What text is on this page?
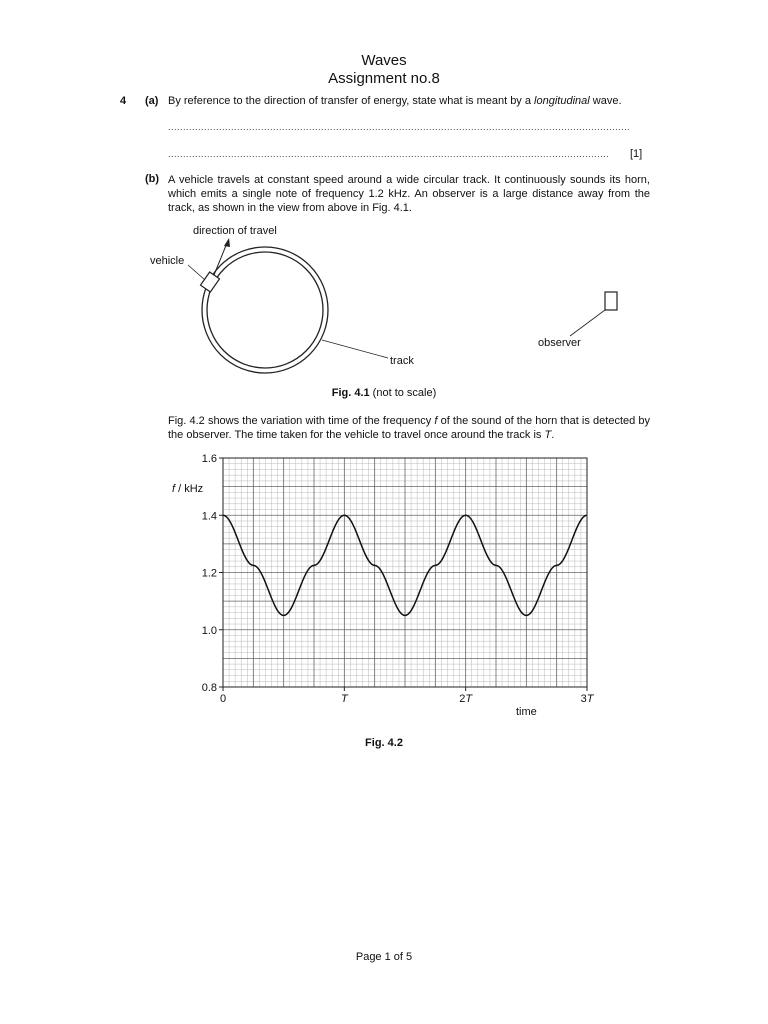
Waves
Assignment no.8
4 (a) By reference to the direction of transfer of energy, state what is meant by a longitudinal wave.
..........................................................................................................................................................
...................................................................................................................................................	[1]
(b) A vehicle travels at constant speed around a wide circular track. It continuously sounds its horn, which emits a single note of frequency 1.2 kHz. An observer is a large distance away from the track, as shown in the view from above in Fig. 4.1.
direction of travel
vehicle
track
observer
Fig. 4.1 (not to scale)
Fig. 4.2 shows the variation with time of the frequency f of the sound of the horn that is detected by the observer. The time taken for the vehicle to travel once around the track is T.
0.8
1.0
1.2
1.4
1.6
0	T	2T	3T
f / kHz
time
Fig. 4.2
Page 1 of 5
